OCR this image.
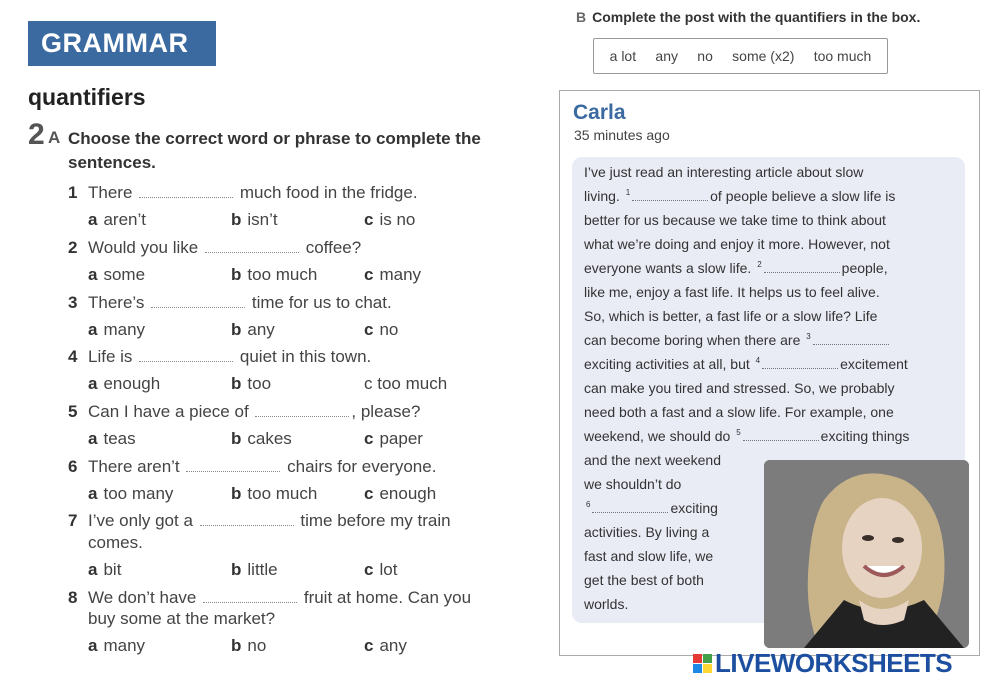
GRAMMAR
quantifiers
2 A Choose the correct word or phrase to complete the sentences.
1 There	much food in the fridge.
a aren’t	b isn’t	c is no
2 Would you like	coffee?
a some	b too much	c many
3 There’s	time for us to chat.
a many	b any	c no
4 Life is	quiet in this town.
a enough	b too	c too much
5 Can I have a piece of	, please?
a teas	b cakes	c paper
6 There aren’t	chairs for everyone.
a too many	b too much	c enough
7 I’ve only got a	time before my train
comes.
a bit	b little	c lot
8 We don’t have	fruit at home. Can you
buy some at the market?
a many	b no	c any
B Complete the post with the quantifiers in the box.
a lot any no some (x2) too much
Carla
35 minutes ago
I’ve just read an interesting article about slow
living. $^1$	of people believe a slow life is
better for us because we take time to think about
what we’re doing and enjoy it more. However, not
everyone wants a slow life. $^2$	people,
like me, enjoy a fast life. It helps us to feel alive.
So, which is better, a fast life or a slow life? Life
can become boring when there are $^3$
exciting activities at all, but $^4$	excitement
can make you tired and stressed. So, we probably
need both a fast and a slow life. For example, one
weekend, we should do $^5$	exciting things
and the next weekend
we shouldn’t do
$^6$	exciting
activities. By living a
fast and slow life, we
get the best of both
worlds.
LIVEWORKSHEETS
